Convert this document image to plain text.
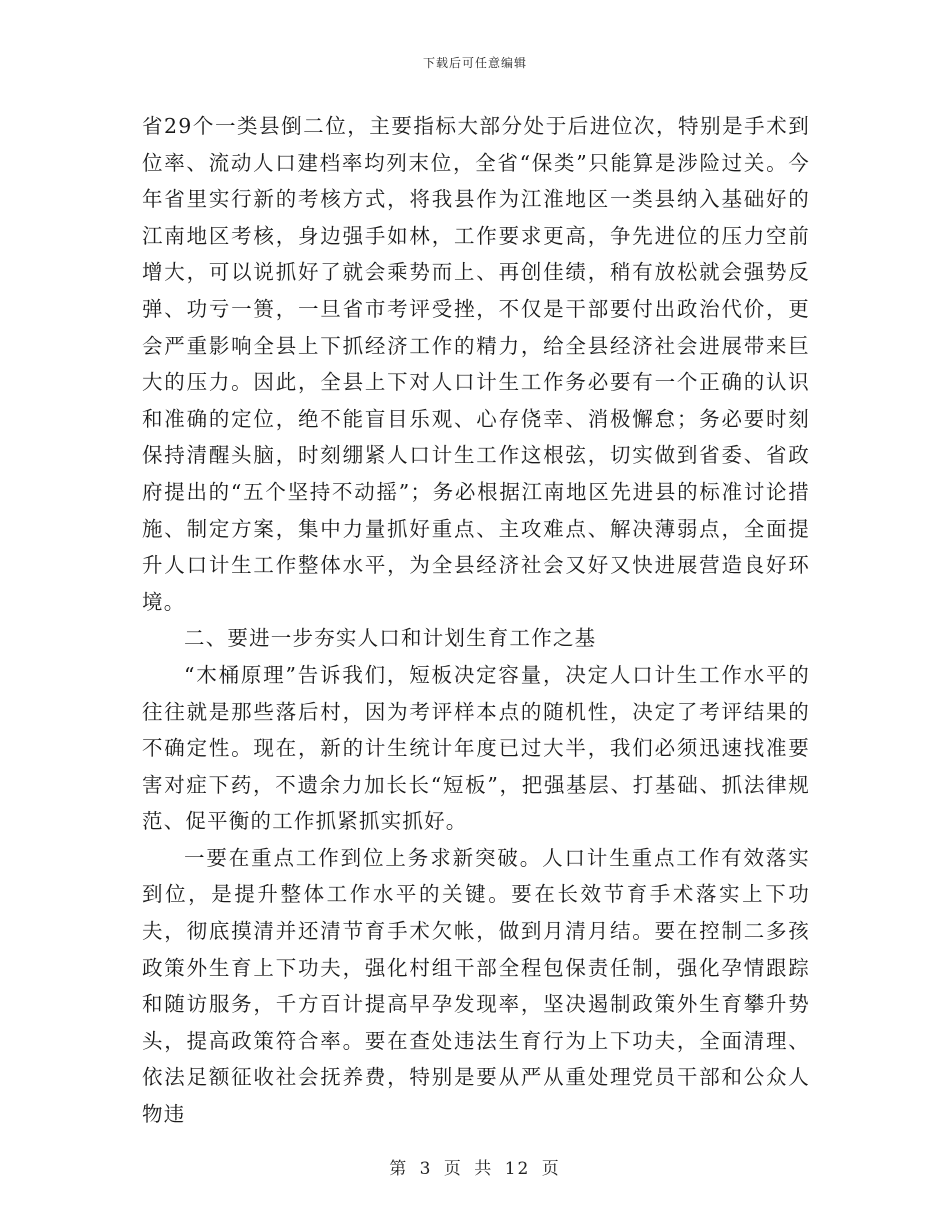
下载后可任意编辑

省29个一类县倒二位，主要指标大部分处于后进位次，特别是手术到位率、流动人口建档率均列末位，全省“保类”只能算是涉险过关。今年省里实行新的考核方式，将我县作为江淮地区一类县纳入基础好的江南地区考核，身边强手如林，工作要求更高，争先进位的压力空前增大，可以说抓好了就会乘势而上、再创佳绩，稍有放松就会强势反弹、功亏一篑，一旦省市考评受挫，不仅是干部要付出政治代价，更会严重影响全县上下抓经济工作的精力，给全县经济社会进展带来巨大的压力。因此，全县上下对人口计生工作务必要有一个正确的认识和准确的定位，绝不能盲目乐观、心存侥幸、消极懈怠；务必要时刻保持清醒头脑，时刻绷紧人口计生工作这根弦，切实做到省委、省政府提出的“五个坚持不动摇”；务必根据江南地区先进县的标准讨论措施、制定方案，集中力量抓好重点、主攻难点、解决薄弱点，全面提升人口计生工作整体水平，为全县经济社会又好又快进展营造良好环境。

二、要进一步夯实人口和计划生育工作之基

“木桶原理”告诉我们，短板决定容量，决定人口计生工作水平的往往就是那些落后村，因为考评样本点的随机性，决定了考评结果的不确定性。现在，新的计生统计年度已过大半，我们必须迅速找准要害对症下药，不遗余力加长长“短板”，把强基层、打基础、抓法律规范、促平衡的工作抓紧抓实抓好。

一要在重点工作到位上务求新突破。人口计生重点工作有效落实到位，是提升整体工作水平的关键。要在长效节育手术落实上下功夫，彻底摸清并还清节育手术欠帐，做到月清月结。要在控制二多孩政策外生育上下功夫，强化村组干部全程包保责任制，强化孕情跟踪和随访服务，千方百计提高早孕发现率，坚决遏制政策外生育攀升势头，提高政策符合率。要在查处违法生育行为上下功夫，全面清理、依法足额征收社会抚养费，特别是要从严从重处理党员干部和公众人物违

第 3 页 共 12 页
